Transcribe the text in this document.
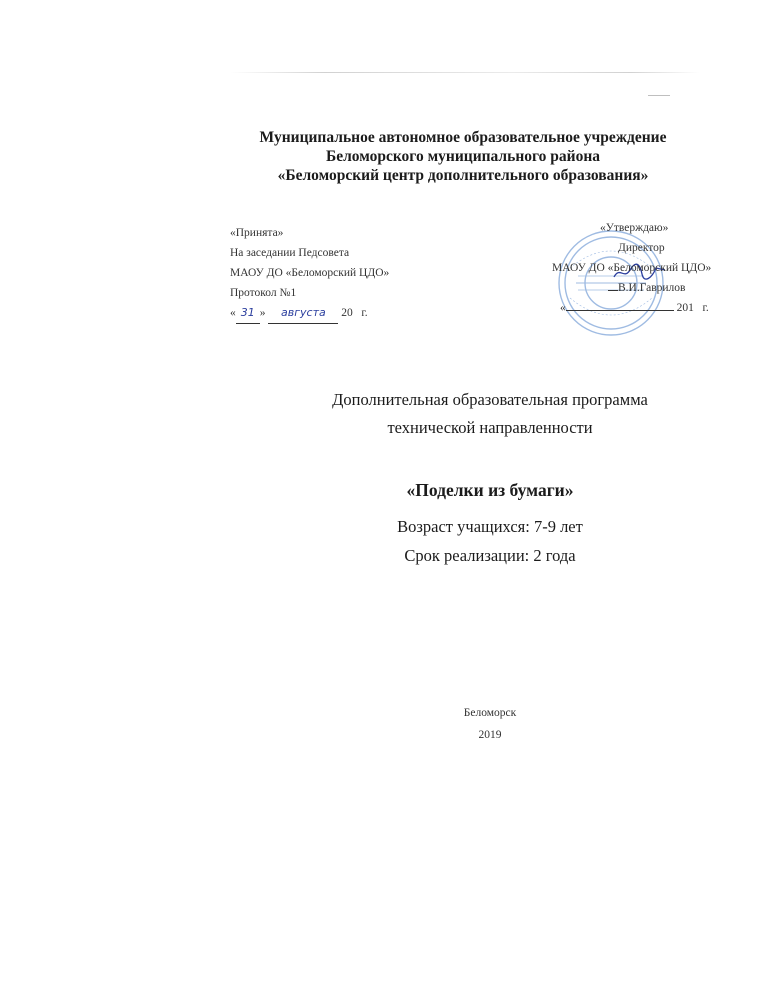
Муниципальное автономное образовательное учреждение
Беломорского муниципального района
«Беломорский центр дополнительного образования»
«Принята»
На заседании Педсовета
МАОУ ДО «Беломорский ЦДО»
Протокол №1
« 31 » августа 20 г.
«Утверждаю»
Директор
МАОУ ДО «Беломорский ЦДО»
В.И.Гаврилов
«	201 г.
Дополнительная образовательная программа
технической направленности
«Поделки из бумаги»
Возраст учащихся: 7-9 лет
Срок реализации: 2 года
Беломорск
2019
